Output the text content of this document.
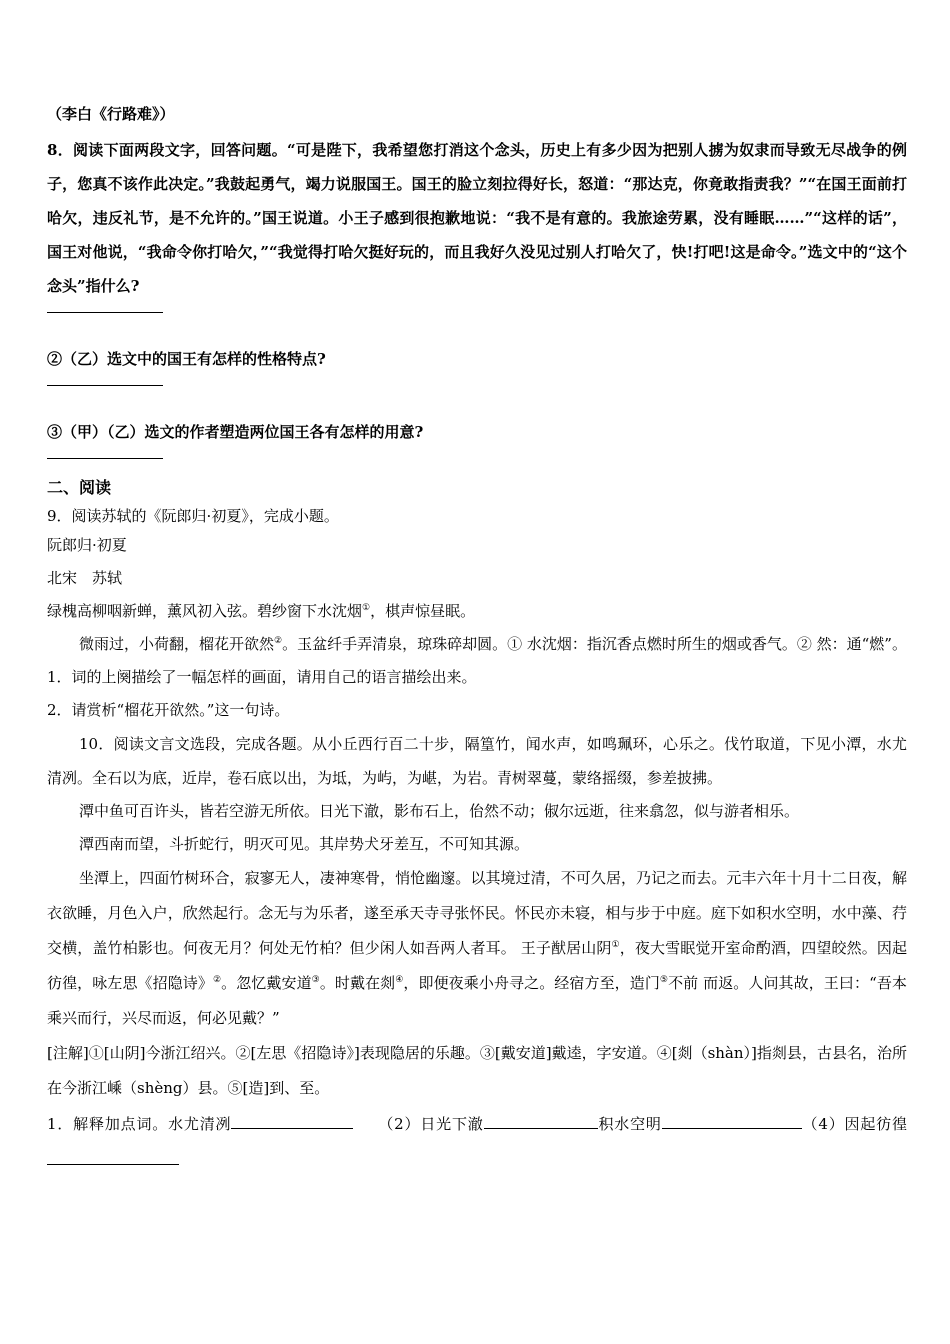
（李白《行路难》）

8．阅读下面两段文字，回答问题。“可是陛下，我希望您打消这个念头，历史上有多少因为把别人掳为奴隶而导致无尽战争的例子，您真不该作此决定。”我鼓起勇气，竭力说服国王。国王的脸立刻拉得好长，怒道：“那达克，你竟敢指责我？”“在国王面前打哈欠，违反礼节，是不允许的。”国王说道。小王子感到很抱歉地说：“我不是有意的。我旅途劳累，没有睡眠……”“这样的话”，国王对他说，“我命令你打哈欠，”“我觉得打哈欠挺好玩的，而且我好久没见过别人打哈欠了，快!打吧!这是命令。”选文中的“这个念头”指什么?

②（乙）选文中的国王有怎样的性格特点?

③（甲）（乙）选文的作者塑造两位国王各有怎样的用意?

二、阅读

9．阅读苏轼的《阮郎归·初夏》，完成小题。

阮郎归·初夏

北宋　苏轼

绿槐高柳咽新蝉，薰风初入弦。碧纱窗下水沈烟①，棋声惊昼眠。

微雨过，小荷翻，榴花开欲然②。玉盆纤手弄清泉，琼珠碎却圆。① 水沈烟：指沉香点燃时所生的烟或香气。② 然：通“燃”。

1．词的上阕描绘了一幅怎样的画面，请用自己的语言描绘出来。

2．请赏析“榴花开欲然。”这一句诗。

10．阅读文言文选段，完成各题。从小丘西行百二十步，隔篁竹，闻水声，如鸣珮环，心乐之。伐竹取道，下见小潭，水尤清冽。全石以为底，近岸，卷石底以出，为坻，为屿，为嵁，为岩。青树翠蔓，蒙络摇缀，参差披拂。

潭中鱼可百许头，皆若空游无所依。日光下澈，影布石上，佁然不动；俶尔远逝，往来翕忽，似与游者相乐。

潭西南而望，斗折蛇行，明灭可见。其岸势犬牙差互，不可知其源。

坐潭上，四面竹树环合，寂寥无人，凄神寒骨，悄怆幽邃。以其境过清，不可久居，乃记之而去。元丰六年十月十二日夜，解衣欲睡，月色入户，欣然起行。念无与为乐者，遂至承天寺寻张怀民。怀民亦未寝，相与步于中庭。庭下如积水空明，水中藻、荇交横，盖竹柏影也。何夜无月？何处无竹柏？但少闲人如吾两人者耳。 王子猷居山阴①，夜大雪眠觉开室命酌酒，四望皎然。因起彷徨，咏左思《招隐诗》②。忽忆戴安道③。时戴在剡④，即便夜乘小舟寻之。经宿方至，造门⑤不前 而返。人问其故，王曰：“吾本乘兴而行，兴尽而返，何必见戴？”

[注解]①[山阴]今浙江绍兴。②[左思《招隐诗》]表现隐居的乐趣。③[戴安道]戴逵，字安道。④[剡（shàn）]指剡县，古县名，治所在今浙江嵊（shèng）县。⑤[造]到、至。

1．解释加点词。水尤清冽　　	（2）日光下澈	积水空明	（4）因起彷徨
